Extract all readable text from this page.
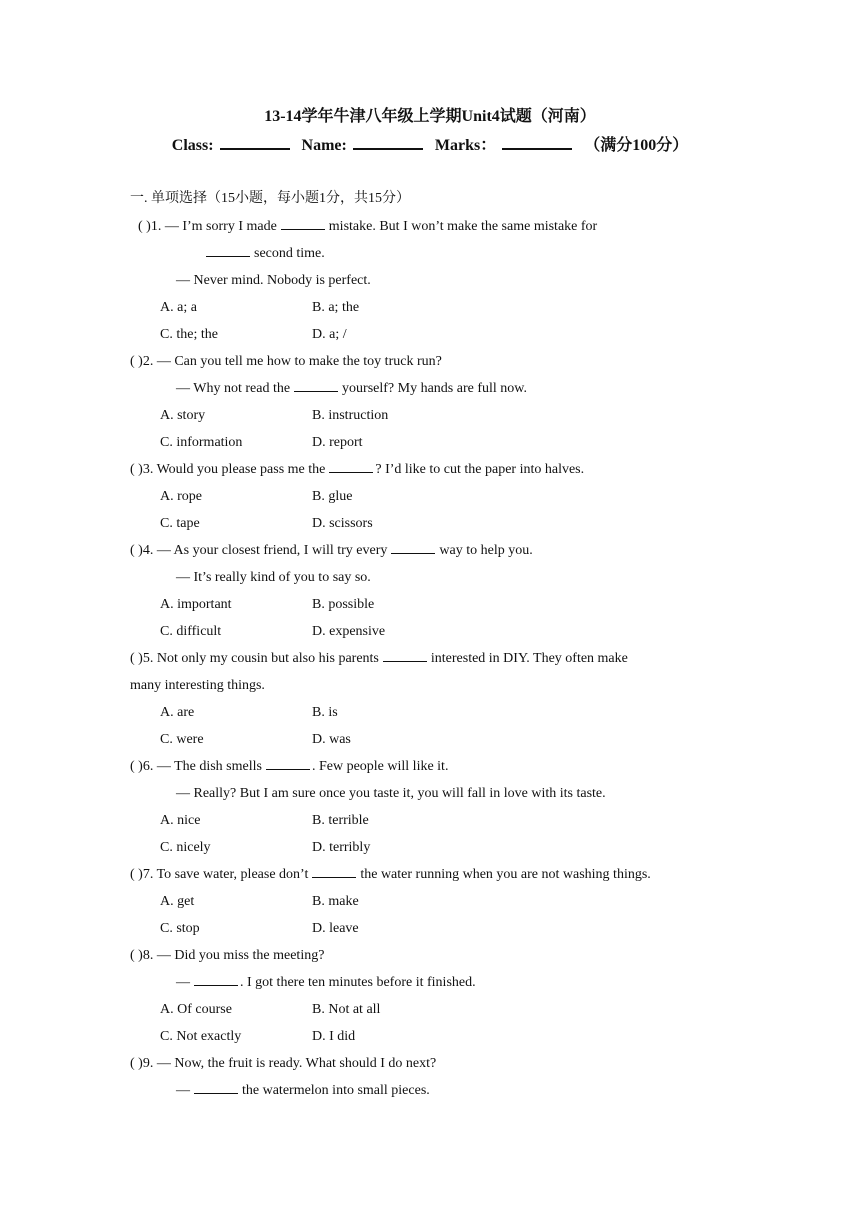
13-14学年牛津八年级上学期Unit4试题（河南）
Class:	Name:	Marks：	（满分100分）
一. 单项选择（15小题，每小题1分，共15分）
( )1. — I’m sorry I made	mistake. But I won’t make the same mistake for
second time.
— Never mind. Nobody is perfect.
A. a; a	B. a; the
C. the; the	D. a; /
( )2. — Can you tell me how to make the toy truck run?
— Why not read the	yourself? My hands are full now.
A. story	B. instruction
C. information	D. report
( )3. Would you please pass me the	? I’d like to cut the paper into halves.
A. rope	B. glue
C. tape	D. scissors
( )4. — As your closest friend, I will try every	way to help you.
— It’s really kind of you to say so.
A. important	B. possible
C. difficult	D. expensive
( )5. Not only my cousin but also his parents	interested in DIY. They often make
many interesting things.
A. are	B. is
C. were	D. was
( )6. — The dish smells	. Few people will like it.
— Really? But I am sure once you taste it, you will fall in love with its taste.
A. nice	B. terrible
C. nicely	D. terribly
( )7. To save water, please don’t	the water running when you are not washing things.
A. get	B. make
C. stop	D. leave
( )8. — Did you miss the meeting?
—	. I got there ten minutes before it finished.
A. Of course	B. Not at all
C. Not exactly	D. I did
( )9. — Now, the fruit is ready. What should I do next?
—	the watermelon into small pieces.
